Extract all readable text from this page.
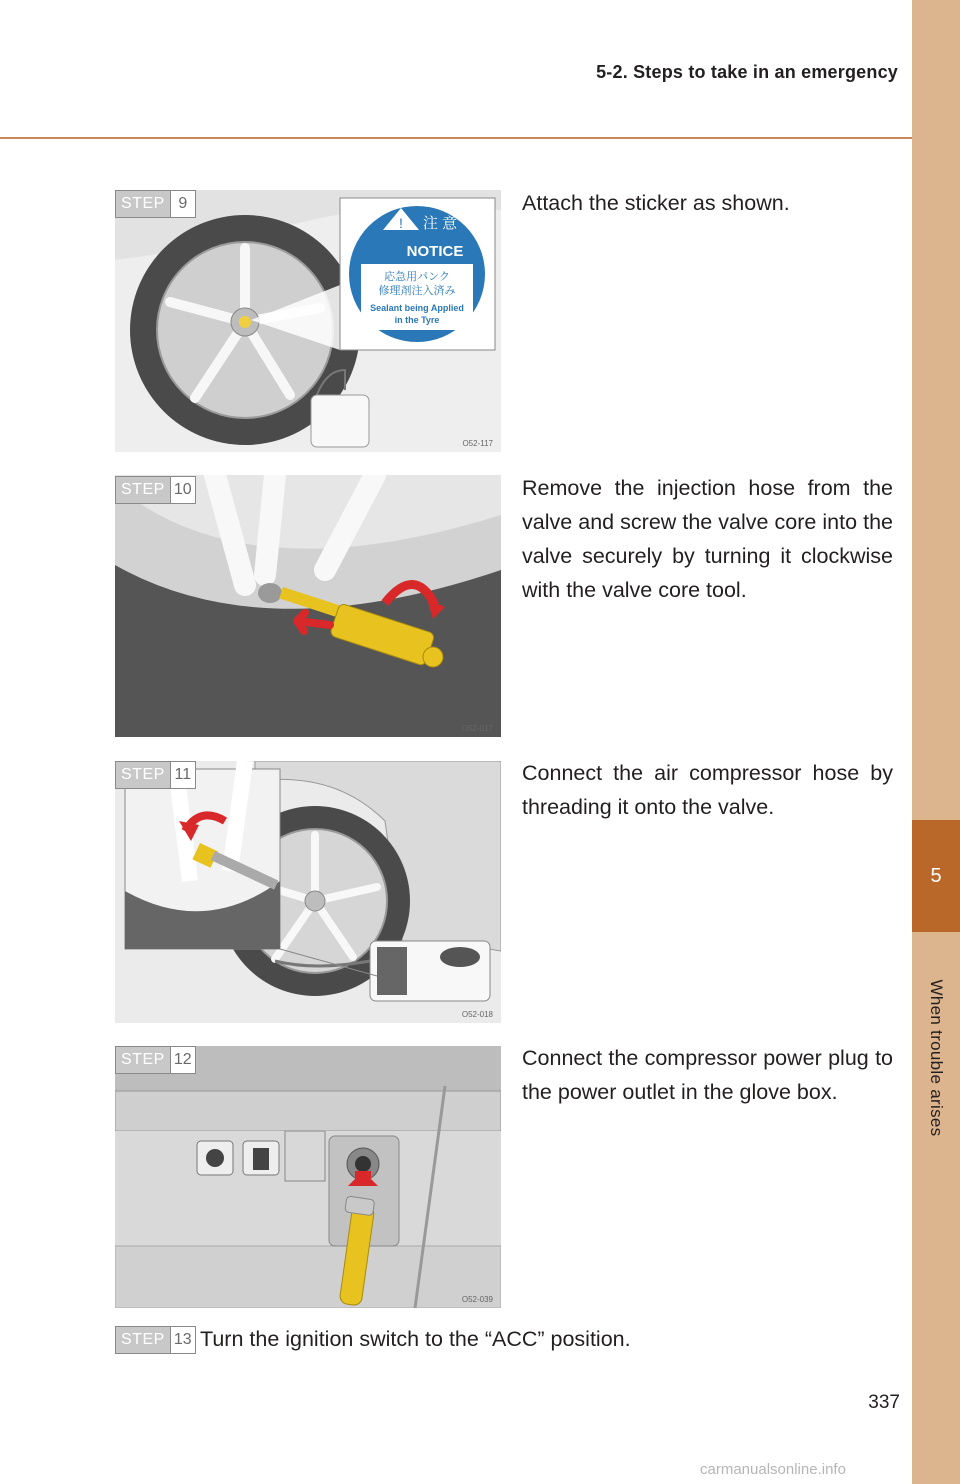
5-2. Steps to take in an emergency
5
When trouble arises
! 注 意
NOTICE
応急用パンク
修理剤注入済み
Sealant being Applied
in the Tyre
O52-117
STEP 9	Attach the sticker as shown.
O52-017
STEP 10	Remove the injection hose from the valve and screw the valve core into the valve securely by turning it clockwise with the valve core tool.
O52-018
STEP 11	Connect the air compressor hose by threading it onto the valve.
O52-039
STEP 12	Connect the compressor power plug to the power outlet in the glove box.
STEP 13 Turn the ignition switch to the “ACC” position.
337
carmanualsonline.info
